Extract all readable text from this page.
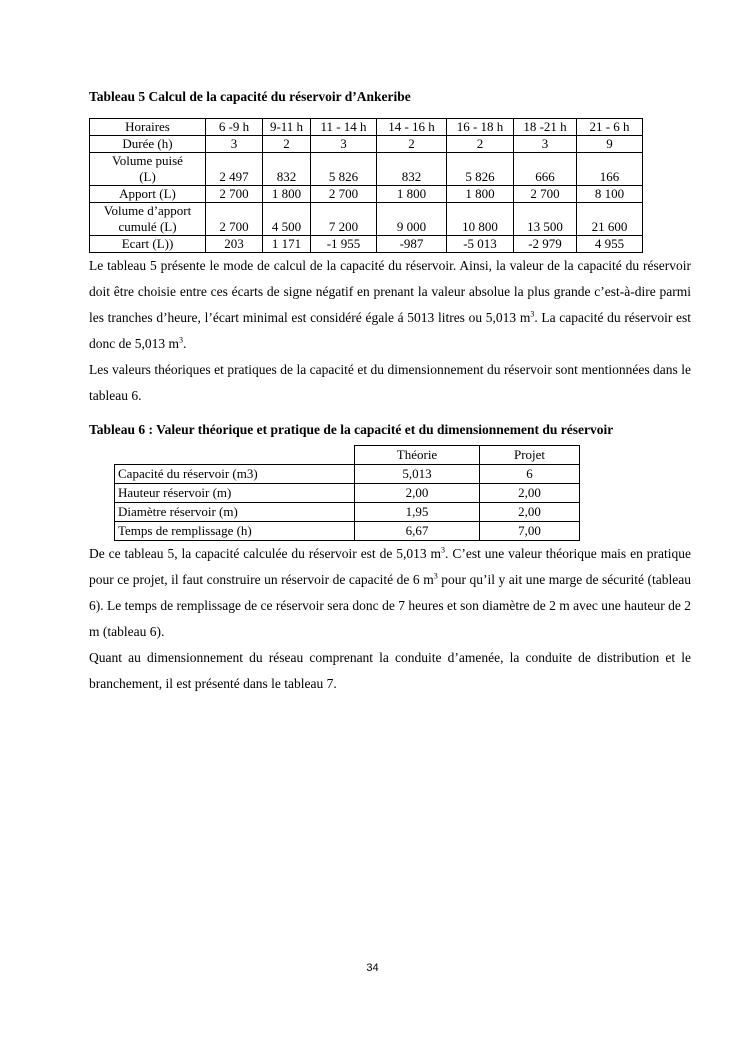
Tableau 5 Calcul de la capacité du réservoir d’Ankeribe

Horaires	6 -9 h	9-11 h	11 - 14 h	14 - 16 h	16 - 18 h	18 -21 h	21 - 6 h
Durée (h)	3	2	3	2	2	3	9

Volume puisé
(L)	2 497	832	5 826	832	5 826	666	166
Apport (L)	2 700	1 800	2 700	1 800	1 800	2 700	8 100

Volume d’apport
cumulé (L)	2 700	4 500	7 200	9 000	10 800	13 500	21 600
Ecart (L))	203	1 171	-1 955	-987	-5 013	-2 979	4 955

Le tableau 5 présente le mode de calcul de la capacité du réservoir. Ainsi, la valeur de la capacité du réservoir doit être choisie entre ces écarts de signe négatif en prenant la valeur absolue la plus grande c’est-à-dire parmi les tranches d’heure, l’écart minimal est considéré égale á 5013 litres ou 5,013 $m^3$. La capacité du réservoir est donc de 5,013 $m^3$.

Les valeurs théoriques et pratiques de la capacité et du dimensionnement du réservoir sont mentionnées dans le tableau 6.

Tableau 6 : Valeur théorique et pratique de la capacité et du dimensionnement du réservoir

	Théorie	Projet
Capacité du réservoir (m3)	5,013	6
Hauteur réservoir (m)	2,00	2,00
Diamètre réservoir (m)	1,95	2,00
Temps de remplissage (h)	6,67	7,00

De ce tableau 5, la capacité calculée du réservoir est de 5,013 $m^3$. C’est une valeur théorique mais en pratique pour ce projet, il faut construire un réservoir de capacité de 6 $m^3$ pour qu’il y ait une marge de sécurité (tableau 6). Le temps de remplissage de ce réservoir sera donc de 7 heures et son diamètre de 2 m avec une hauteur de 2 m (tableau 6).

Quant au dimensionnement du réseau comprenant la conduite d’amenée, la conduite de distribution et le branchement, il est présenté dans le tableau 7.

34
